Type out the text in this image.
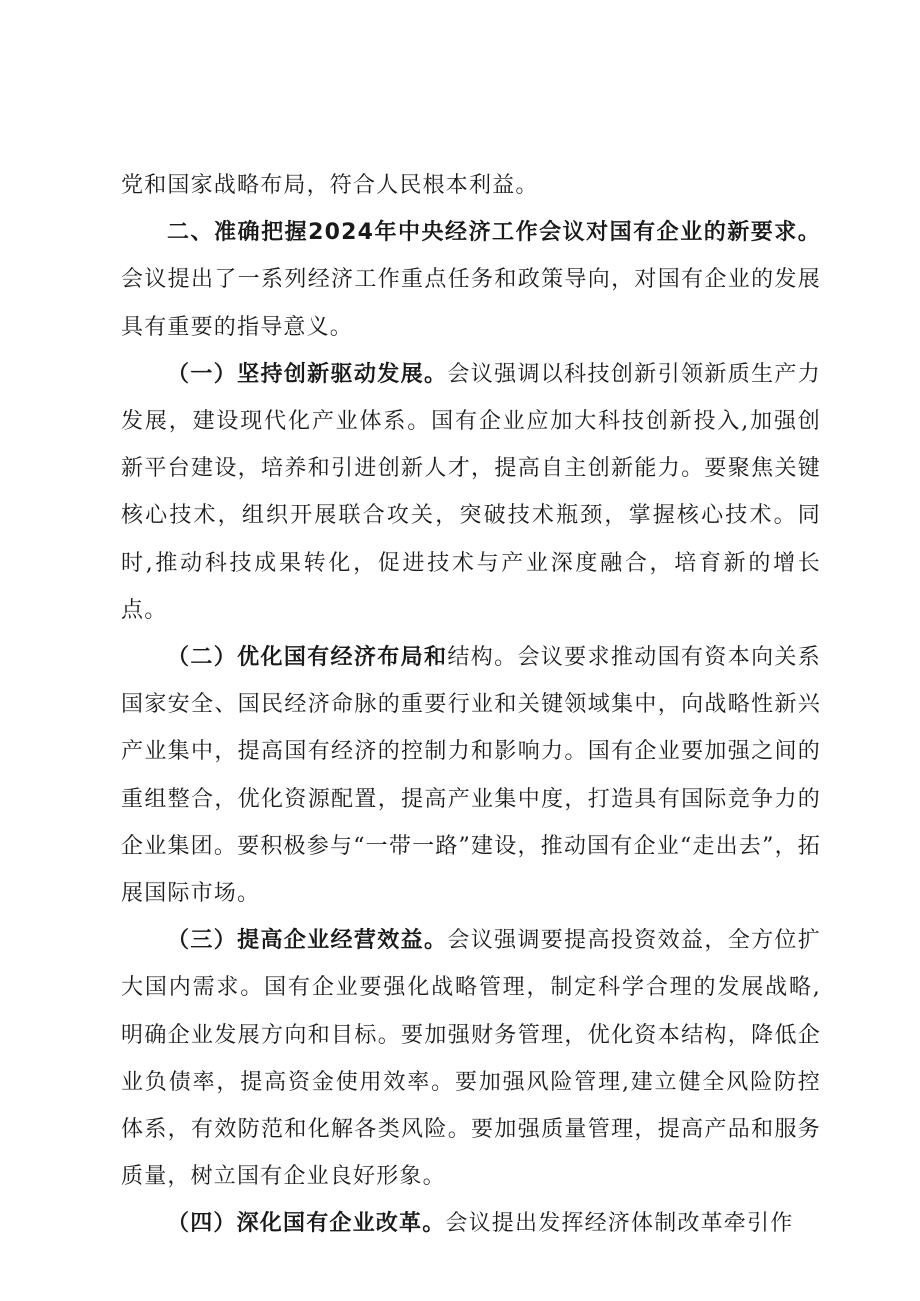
党和国家战略布局，符合人民根本利益。

二、准确把握2024年中央经济工作会议对国有企业的新要求。会议提出了一系列经济工作重点任务和政策导向，对国有企业的发展具有重要的指导意义。

（一）坚持创新驱动发展。会议强调以科技创新引领新质生产力发展，建设现代化产业体系。国有企业应加大科技创新投入,加强创新平台建设，培养和引进创新人才，提高自主创新能力。要聚焦关键核心技术，组织开展联合攻关，突破技术瓶颈，掌握核心技术。同时,推动科技成果转化，促进技术与产业深度融合，培育新的增长点。

（二）优化国有经济布局和结构。会议要求推动国有资本向关系国家安全、国民经济命脉的重要行业和关键领域集中，向战略性新兴产业集中，提高国有经济的控制力和影响力。国有企业要加强之间的重组整合，优化资源配置，提高产业集中度，打造具有国际竞争力的企业集团。要积极参与“一带一路”建设，推动国有企业“走出去”，拓展国际市场。

（三）提高企业经营效益。会议强调要提高投资效益，全方位扩大国内需求。国有企业要强化战略管理，制定科学合理的发展战略,明确企业发展方向和目标。要加强财务管理，优化资本结构，降低企业负债率，提高资金使用效率。要加强风险管理,建立健全风险防控体系，有效防范和化解各类风险。要加强质量管理，提高产品和服务质量，树立国有企业良好形象。

（四）深化国有企业改革。会议提出发挥经济体制改革牵引作
